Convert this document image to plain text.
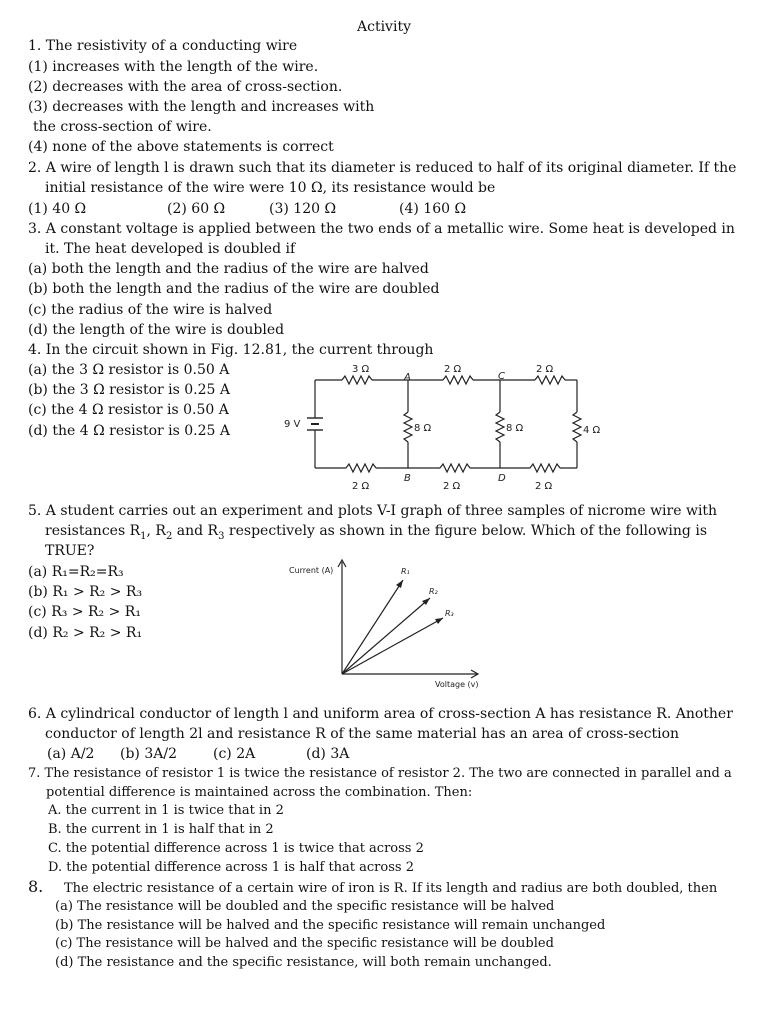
Activity
1. The resistivity of a conducting wire
(1) increases with the length of the wire.
(2) decreases with the area of cross-section.
(3) decreases with the length and increases with
the cross-section of wire.
(4) none of the above statements is correct
2. A wire of length l is drawn such that its diameter is reduced to half of its original diameter. If the
initial resistance of the wire were 10 Ω, its resistance would be
(1) 40 Ω	(2) 60 Ω	(3) 120 Ω	(4) 160 Ω
3. A constant voltage is applied between the two ends of a metallic wire. Some heat is developed in
it. The heat developed is doubled if
(a) both the length and the radius of the wire are halved
(b) both the length and the radius of the wire are doubled
(c) the radius of the wire is halved
(d) the length of the wire is doubled
4. In the circuit shown in Fig. 12.81, the current through
(a) the 3 Ω resistor is 0.50 A
(b) the 3 Ω resistor is 0.25 A
(c) the 4 Ω resistor is 0.50 A
(d) the 4 Ω resistor is 0.25 A	9 V
3 Ω	2 Ω	2 Ω
A	C
8 Ω	8 Ω	4 Ω
B	D
2 Ω	2 Ω	2 Ω
5. A student carries out an experiment and plots V-I graph of three samples of nicrome wire with
resistances $R_1$, $R_2$ and $R_3$ respectively as shown in the figure below. Which of the following is
TRUE?
(a) R₁=R₂=R₃
(b) R₁ > R₂ > R₃
(c) R₃ > R₂ > R₁
(d) R₂ > R₂ > R₁
Current (A)
Voltage (v)
R₁
R₂
R₃
6. A cylindrical conductor of length l and uniform area of cross-section A has resistance R. Another
conductor of length 2l and resistance R of the same material has an area of cross-section
(a) A/2 (b) 3A/2	(c) 2A	(d) 3A
7. The resistance of resistor 1 is twice the resistance of resistor 2. The two are connected in parallel and a
potential difference is maintained across the combination. Then:
A. the current in 1 is twice that in 2
B. the current in 1 is half that in 2
C. the potential difference across 1 is twice that across 2
D. the potential difference across 1 is half that across 2
8. The electric resistance of a certain wire of iron is R. If its length and radius are both doubled, then
(a) The resistance will be doubled and the specific resistance will be halved
(b) The resistance will be halved and the specific resistance will remain unchanged
(c) The resistance will be halved and the specific resistance will be doubled
(d) The resistance and the specific resistance, will both remain unchanged.
